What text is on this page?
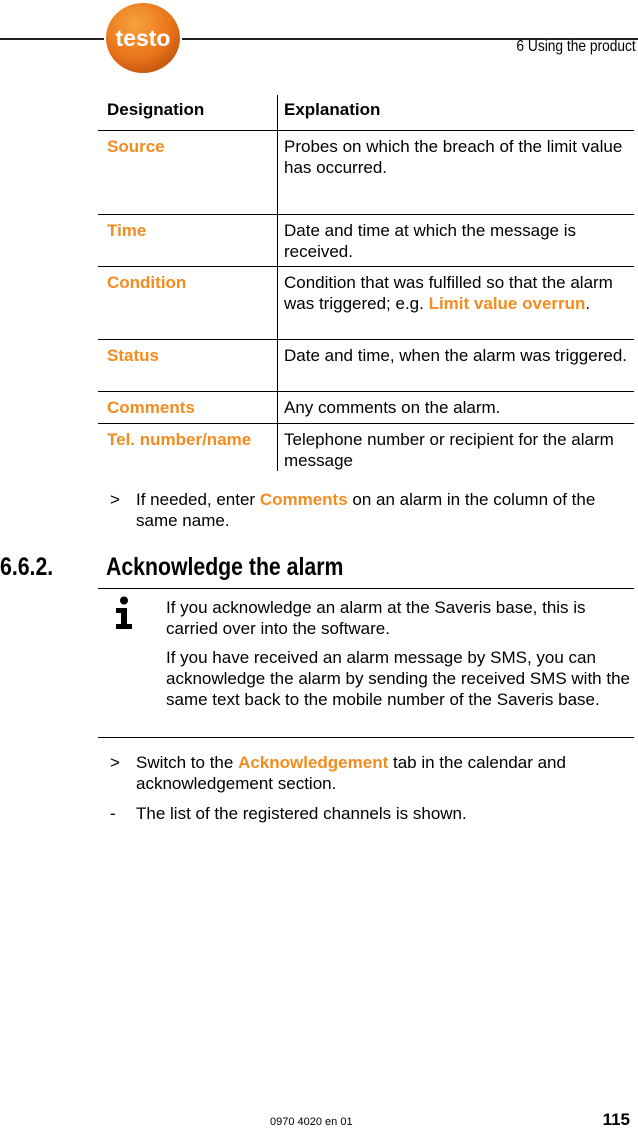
testo	6 Using the product
Designation	Explanation
Source	Probes on which the breach of the limit value has occurred.
Time	Date and time at which the message is received.
Condition	Condition that was fulfilled so that the alarm was triggered; e.g. Limit value overrun.
Status	Date and time, when the alarm was triggered.
Comments	Any comments on the alarm.
Tel. number/name	Telephone number or recipient for the alarm message
> If needed, enter Comments on an alarm in the column of the same name.
6.6.2. Acknowledge the alarm
If you acknowledge an alarm at the Saveris base, this is carried over into the software.
If you have received an alarm message by SMS, you can acknowledge the alarm by sending the received SMS with the same text back to the mobile number of the Saveris base.
> Switch to the Acknowledgement tab in the calendar and acknowledgement section.
- The list of the registered channels is shown.
0970 4020 en 01	115
